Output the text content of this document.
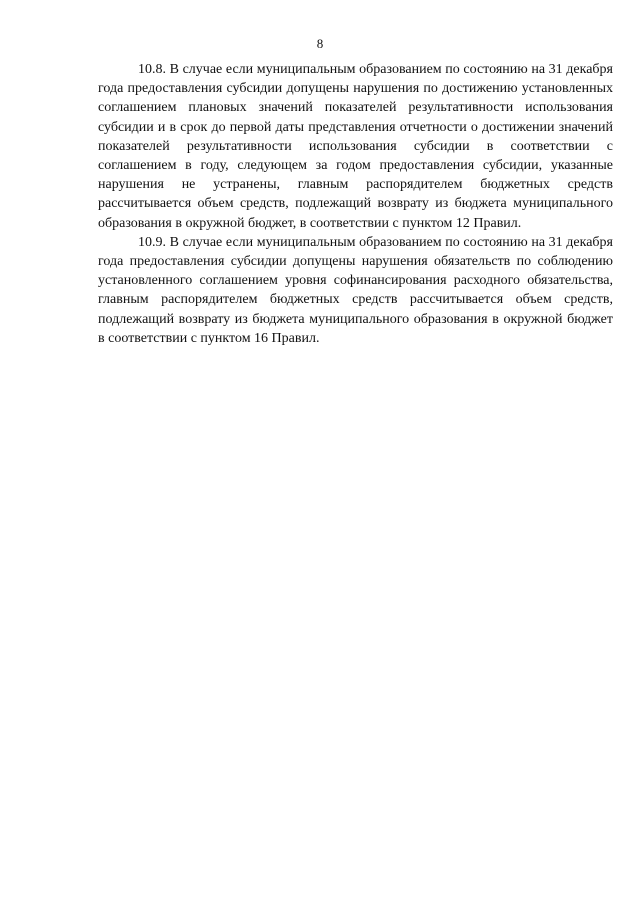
8

10.8. В случае если муниципальным образованием по состоянию на 31 декабря года предоставления субсидии допущены нарушения по достижению установленных соглашением плановых значений показателей результативности использования субсидии и в срок до первой даты представления отчетности о достижении значений показателей результативности использования субсидии в соответствии с соглашением в году, следующем за годом предоставления субсидии, указанные нарушения не устранены, главным распорядителем бюджетных средств рассчитывается объем средств, подлежащий возврату из бюджета муниципального образования в окружной бюджет, в соответствии с пунктом 12 Правил.

10.9. В случае если муниципальным образованием по состоянию на 31 декабря года предоставления субсидии допущены нарушения обязательств по соблюдению установленного соглашением уровня софинансирования расходного обязательства, главным распорядителем бюджетных средств рассчитывается объем средств, подлежащий возврату из бюджета муниципального образования в окружной бюджет в соответствии с пунктом 16 Правил.
